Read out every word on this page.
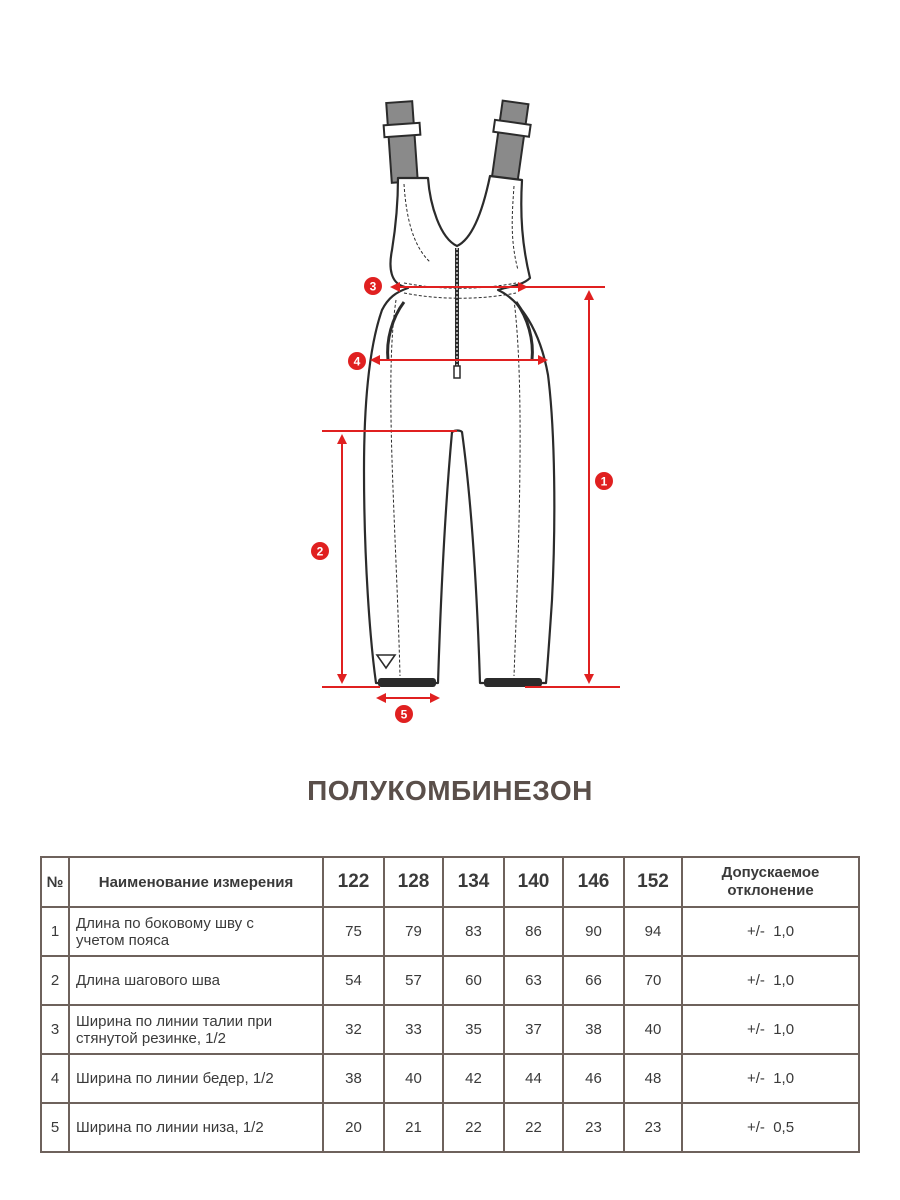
1
2
3
4
5
ПОЛУКОМБИНЕЗОН
№	Наименование измерения	122	128	134	140	146	152	Допускаемое
отклонение
1	Длина по боковому шву с
учетом пояса	75	79	83	86	90	94	+/-  1,0
2	Длина шагового шва	54	57	60	63	66	70	+/-  1,0
3	Ширина по линии талии при
стянутой резинке, 1/2	32	33	35	37	38	40	+/-  1,0
4	Ширина по линии бедер, 1/2	38	40	42	44	46	48	+/-  1,0
5	Ширина по линии низа, 1/2	20	21	22	22	23	23	+/-  0,5
